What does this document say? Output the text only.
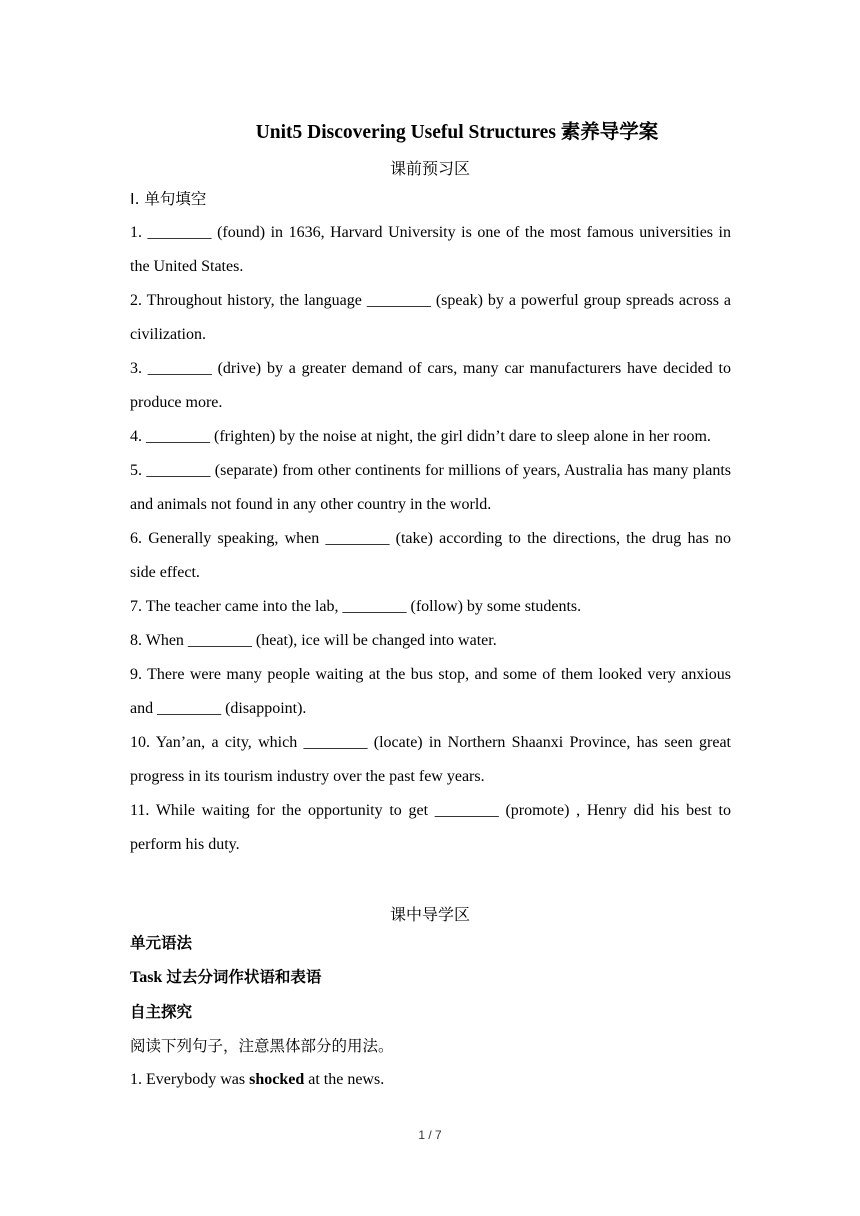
Unit5 Discovering Useful Structures 素养导学案
课前预习区

Ⅰ. 单句填空

1. ________ (found) in 1636, Harvard University is one of the most famous universities in the United States.

2. Throughout history, the language ________ (speak) by a powerful group spreads across a civilization.

3. ________ (drive) by a greater demand of cars, many car manufacturers have decided to produce more.

4. ________ (frighten) by the noise at night, the girl didn’t dare to sleep alone in her room.

5. ________ (separate) from other continents for millions of years, Australia has many plants and animals not found in any other country in the world.

6. Generally speaking, when ________ (take) according to the directions, the drug has no side effect.

7. The teacher came into the lab, ________ (follow) by some students.

8. When ________ (heat), ice will be changed into water.

9. There were many people waiting at the bus stop, and some of them looked very anxious and ________ (disappoint).

10. Yan’an, a city, which ________ (locate) in Northern Shaanxi Province, has seen great progress in its tourism industry over the past few years.

11. While waiting for the opportunity to get ________ (promote) , Henry did his best to perform his duty.

课中导学区

单元语法

Task 过去分词作状语和表语

自主探究

阅读下列句子，注意黑体部分的用法。

1. Everybody was shocked at the news.

1 / 7
